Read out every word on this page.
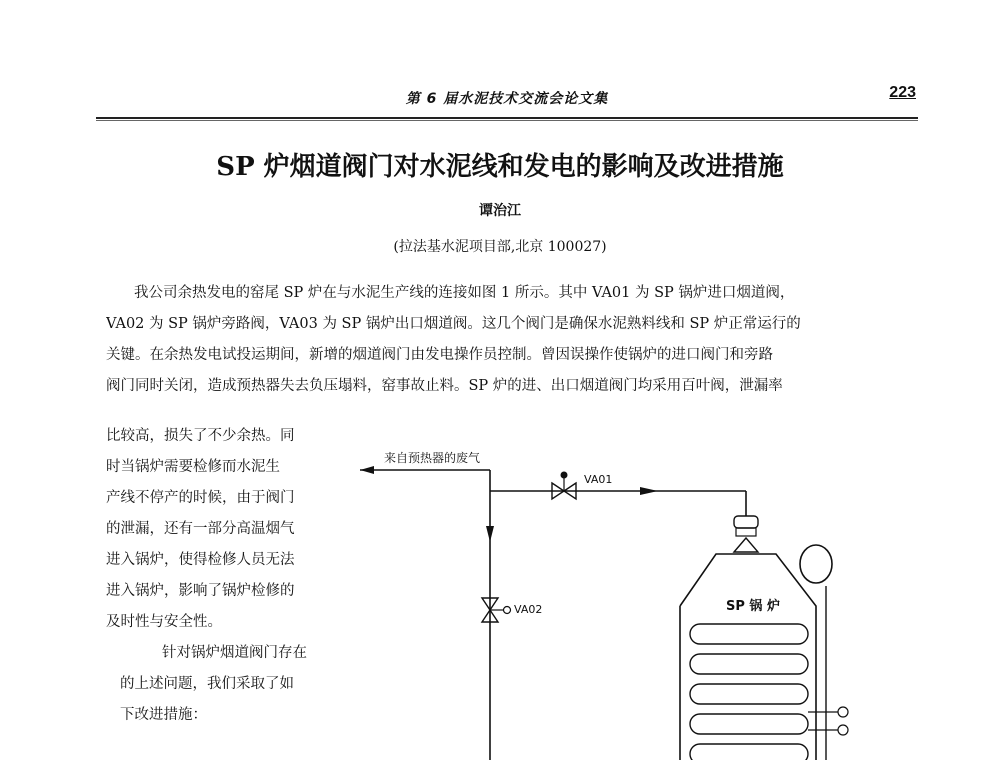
第 6 届水泥技术交流会论文集	223
SP 炉烟道阀门对水泥线和发电的影响及改进措施
谭治江
(拉法基水泥项目部,北京 100027)
我公司余热发电的窑尾 SP 炉在与水泥生产线的连接如图 1 所示。其中 VA01 为 SP 锅炉进口烟道阀，
VA02 为 SP 锅炉旁路阀，VA03 为 SP 锅炉出口烟道阀。这几个阀门是确保水泥熟料线和 SP 炉正常运行的
关键。在余热发电试投运期间，新增的烟道阀门由发电操作员控制。曾因误操作使锅炉的进口阀门和旁路
阀门同时关闭，造成预热器失去负压塌料，窑事故止料。SP 炉的进、出口烟道阀门均采用百叶阀，泄漏率
比较高，损失了不少余热。同
时当锅炉需要检修而水泥生
产线不停产的时候，由于阀门
的泄漏，还有一部分高温烟气
进入锅炉，使得检修人员无法
进入锅炉，影响了锅炉检修的
及时性与安全性。
针对锅炉烟道阀门存在
的上述问题，我们采取了如
下改进措施：
来自预热器的废气
VA01
VA02	SP 锅 炉
